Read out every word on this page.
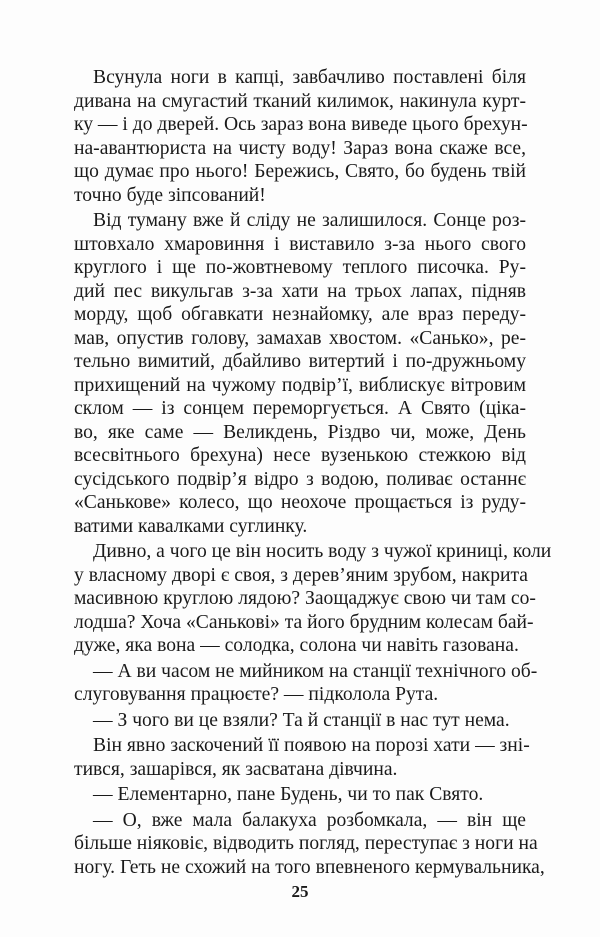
Всунула ноги в капці, завбачливо поставлені біля
дивана на смугастий тканий килимок, накинула курт-
ку — і до дверей. Ось зараз вона виведе цього брехун-
на-авантюриста на чисту воду! Зараз вона скаже все,
що думає про нього! Бережись, Свято, бо будень твій
точно буде зіпсований!
Від туману вже й сліду не залишилося. Сонце роз-
штовхало хмаровиння і виставило з-за нього свого
круглого і ще по-жовтневому теплого писочка. Ру-
дий пес викульгав з-за хати на трьох лапах, підняв
морду, щоб обгавкати незнайомку, але враз переду-
мав, опустив голову, замахав хвостом. «Санько», ре-
тельно вимитий, дбайливо витертий і по-дружньому
прихищений на чужому подвір’ї, виблискує вітровим
склом — із сонцем переморгується. А Свято (ціка-
во, яке саме — Великдень, Різдво чи, може, День
всесвітнього брехуна) несе вузенькою стежкою від
сусідського подвір’я відро з водою, поливає останнє
«Санькове» колесо, що неохоче прощається із руду-
ватими кавалками суглинку.
Дивно, а чого це він носить воду з чужої криниці, коли
у власному дворі є своя, з дерев’яним зрубом, накрита
масивною круглою лядою? Заощаджує свою чи там со-
лодша? Хоча «Санькові» та його брудним колесам бай-
дуже, яка вона — солодка, солона чи навіть газована.
— А ви часом не мийником на станції технічного об-
слуговування працюєте? — підколола Рута.
— З чого ви це взяли? Та й станції в нас тут нема.
Він явно заскочений її появою на порозі хати — зні-
тився, зашарівся, як засватана дівчина.
— Елементарно, пане Будень, чи то пак Свято.
— О, вже мала балакуха розбомкала, — він ще
більше ніяковіє, відводить погляд, переступає з ноги на
ногу. Геть не схожий на того впевненого кермувальника,
25
